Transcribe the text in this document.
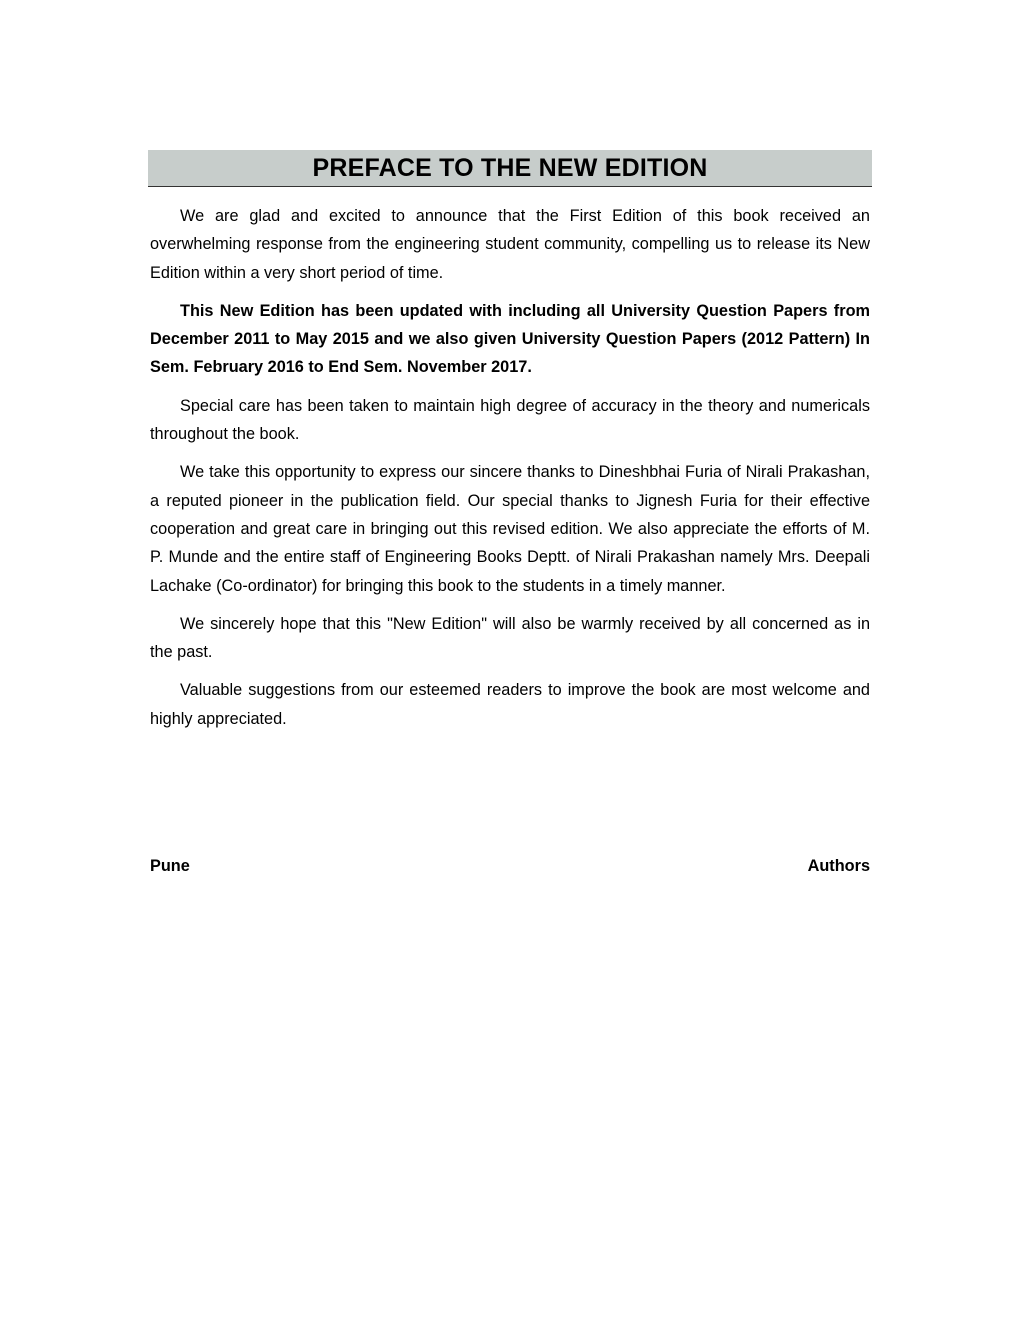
PREFACE TO THE NEW EDITION

We are glad and excited to announce that the First Edition of this book received an overwhelming response from the engineering student community, compelling us to release its New Edition within a very short period of time.

This New Edition has been updated with including all University Question Papers from December 2011 to May 2015 and we also given University Question Papers (2012 Pattern) In Sem. February 2016 to End Sem. November 2017.

Special care has been taken to maintain high degree of accuracy in the theory and numericals throughout the book.

We take this opportunity to express our sincere thanks to Dineshbhai Furia of Nirali Prakashan, a reputed pioneer in the publication field. Our special thanks to Jignesh Furia for their effective cooperation and great care in bringing out this revised edition. We also appreciate the efforts of M. P. Munde and the entire staff of Engineering Books Deptt. of Nirali Prakashan namely Mrs. Deepali Lachake (Co-ordinator) for bringing this book to the students in a timely manner.

We sincerely hope that this "New Edition" will also be warmly received by all concerned as in the past.

Valuable suggestions from our esteemed readers to improve the book are most welcome and highly appreciated.

Pune	Authors
